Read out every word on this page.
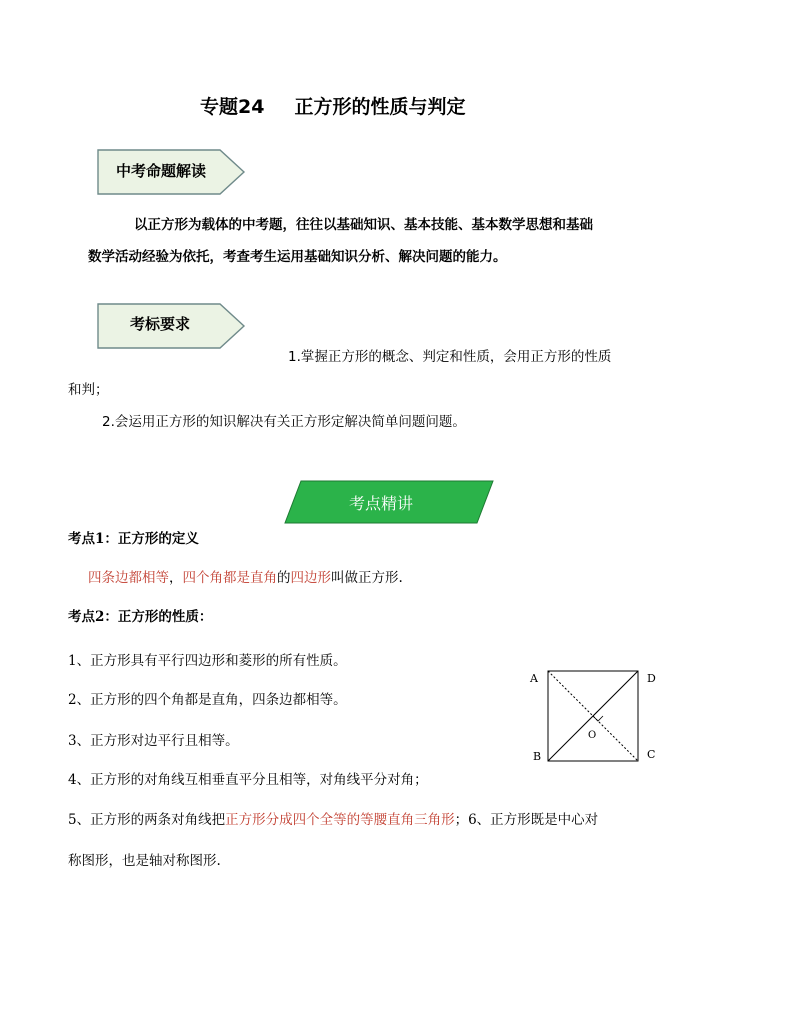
专题24 正方形的性质与判定
中考命题解读
以正方形为载体的中考题，往往以基础知识、基本技能、基本数学思想和基础
数学活动经验为依托，考查考生运用基础知识分析、解决问题的能力。
考标要求
1.掌握正方形的概念、判定和性质，会用正方形的性质
和判；
2.会运用正方形的知识解决有关正方形定解决简单问题问题。
考点精讲
考点1：正方形的定义
四条边都相等，四个角都是直角的四边形叫做正方形.
考点2：正方形的性质：
1、正方形具有平行四边形和菱形的所有性质。
2、正方形的四个角都是直角，四条边都相等。
3、正方形对边平行且相等。
4、正方形的对角线互相垂直平分且相等，对角线平分对角；
5、正方形的两条对角线把正方形分成四个全等的等腰直角三角形；6、正方形既是中心对
称图形，也是轴对称图形.
A	D
B	C
O
